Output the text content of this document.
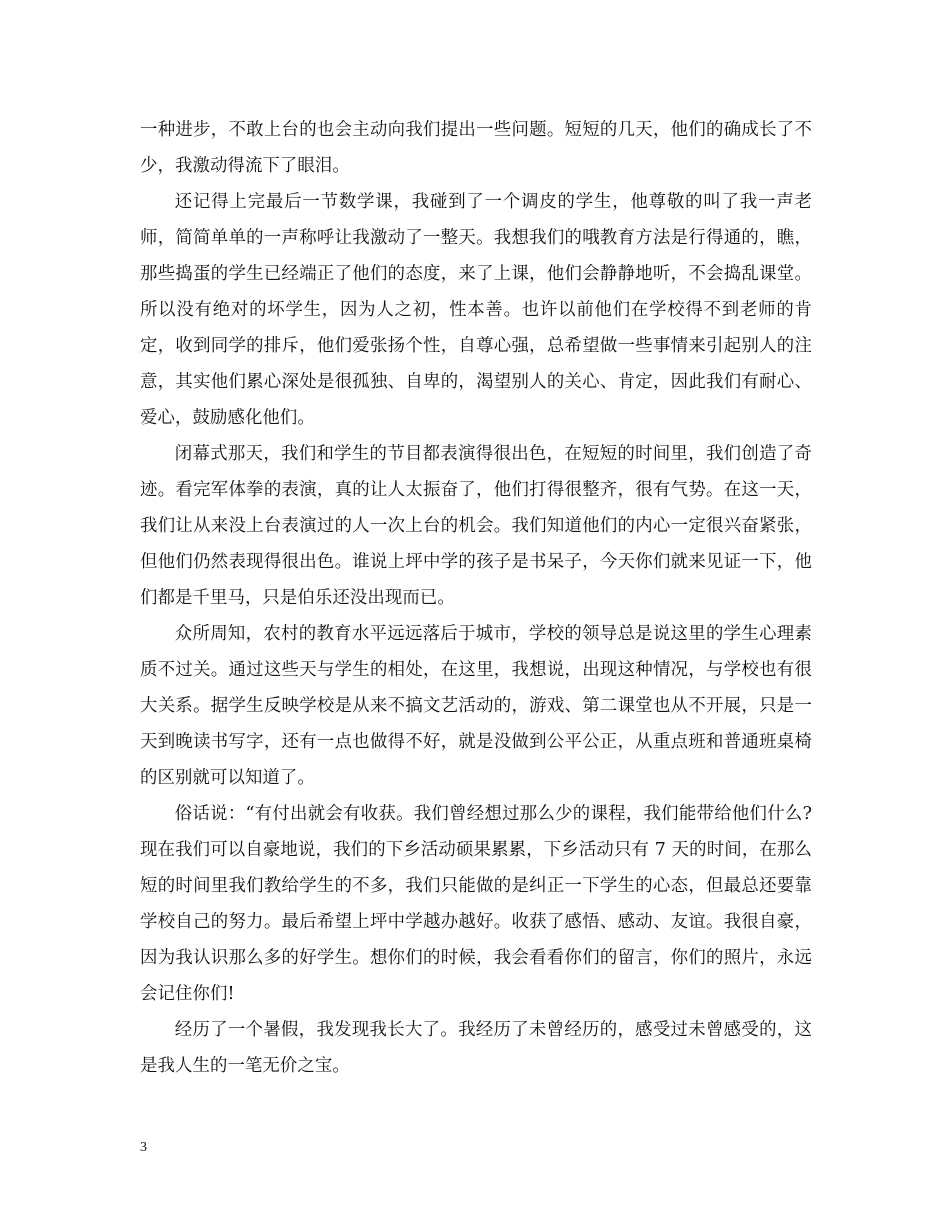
一种进步，不敢上台的也会主动向我们提出一些问题。短短的几天，他们的确成长了不少，我激动得流下了眼泪。

还记得上完最后一节数学课，我碰到了一个调皮的学生，他尊敬的叫了我一声老师，简简单单的一声称呼让我激动了一整天。我想我们的哦教育方法是行得通的，瞧，那些捣蛋的学生已经端正了他们的态度，来了上课，他们会静静地听，不会捣乱课堂。所以没有绝对的坏学生，因为人之初，性本善。也许以前他们在学校得不到老师的肯定，收到同学的排斥，他们爱张扬个性，自尊心强，总希望做一些事情来引起别人的注意，其实他们累心深处是很孤独、自卑的，渴望别人的关心、肯定，因此我们有耐心、爱心，鼓励感化他们。

闭幕式那天，我们和学生的节目都表演得很出色，在短短的时间里，我们创造了奇迹。看完军体拳的表演，真的让人太振奋了，他们打得很整齐，很有气势。在这一天，我们让从来没上台表演过的人一次上台的机会。我们知道他们的内心一定很兴奋紧张，但他们仍然表现得很出色。谁说上坪中学的孩子是书呆子，今天你们就来见证一下，他们都是千里马，只是伯乐还没出现而已。

众所周知，农村的教育水平远远落后于城市，学校的领导总是说这里的学生心理素质不过关。通过这些天与学生的相处，在这里，我想说，出现这种情况，与学校也有很大关系。据学生反映学校是从来不搞文艺活动的，游戏、第二课堂也从不开展，只是一天到晚读书写字，还有一点也做得不好，就是没做到公平公正，从重点班和普通班桌椅的区别就可以知道了。

俗话说：“有付出就会有收获。我们曾经想过那么少的课程，我们能带给他们什么?现在我们可以自豪地说，我们的下乡活动硕果累累，下乡活动只有 7 天的时间，在那么短的时间里我们教给学生的不多，我们只能做的是纠正一下学生的心态，但最总还要靠学校自己的努力。最后希望上坪中学越办越好。收获了感悟、感动、友谊。我很自豪，因为我认识那么多的好学生。想你们的时候，我会看看你们的留言，你们的照片，永远会记住你们!

经历了一个暑假，我发现我长大了。我经历了未曾经历的，感受过未曾感受的，这是我人生的一笔无价之宝。

3
